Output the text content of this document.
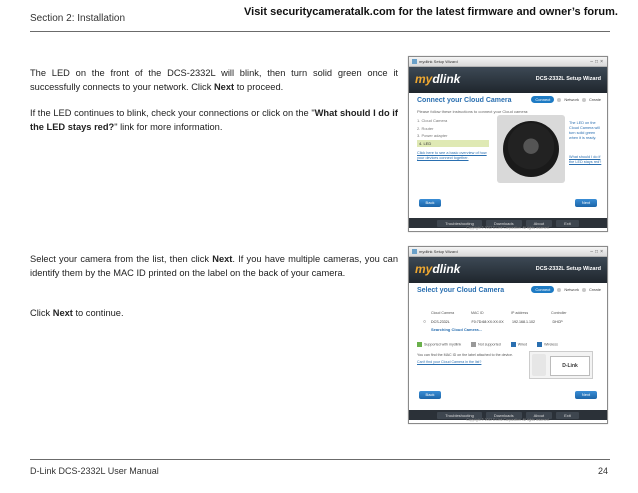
Section 2: Installation
Visit securitycameratalk.com for the latest firmware and owner’s forum.
The LED on the front of the DCS-2332L will blink, then turn solid green once it successfully connects to your network. Click Next to proceed.
If the LED continues to blink, check your connections or click on the "What should I do if the LED stays red?" link for more information.
Select your camera from the list, then click Next. If you have multiple cameras, you can identify them by the MAC ID printed on the label on the back of your camera.
Click Next to continue.
mydlink Setup Wizard	–□×
mydlink	DCS-2332L Setup Wizard
Connect your Cloud Camera	Connect	Network	Create
Please follow these instructions to connect your Cloud camera:
1. Cloud Camera
2. Router
3. Power adapter
4. LED
Click here to see a basic overview of how your devices connect together.
The LED on the Cloud Camera will turn solid green when it is ready.
What should I do if the LED stays red?
Back	Next
Troubleshooting	Downloads	About	Exit
Copyright © 2012 D-Link Corporation. All rights reserved.
mydlink Setup Wizard	–□×
mydlink	DCS-2332L Setup Wizard
Select your Cloud Camera	Connect	Network	Create
Cloud Camera	MAC ID	IP address	Controller
○	DCS-2332L	F0:7D:68:XX:XX:XX	192.168.1.102	DHCP
Searching Cloud Camera...
Supported with mydlink	Not supported	Wired	Wireless
You can find the MAC ID on the label attached to the device.
Can't find your Cloud Camera in the list?
D-Link
Back	Next
Troubleshooting	Downloads	About	Exit
Copyright © 2012 D-Link Corporation. All rights reserved.
D-Link DCS-2332L User Manual	24
